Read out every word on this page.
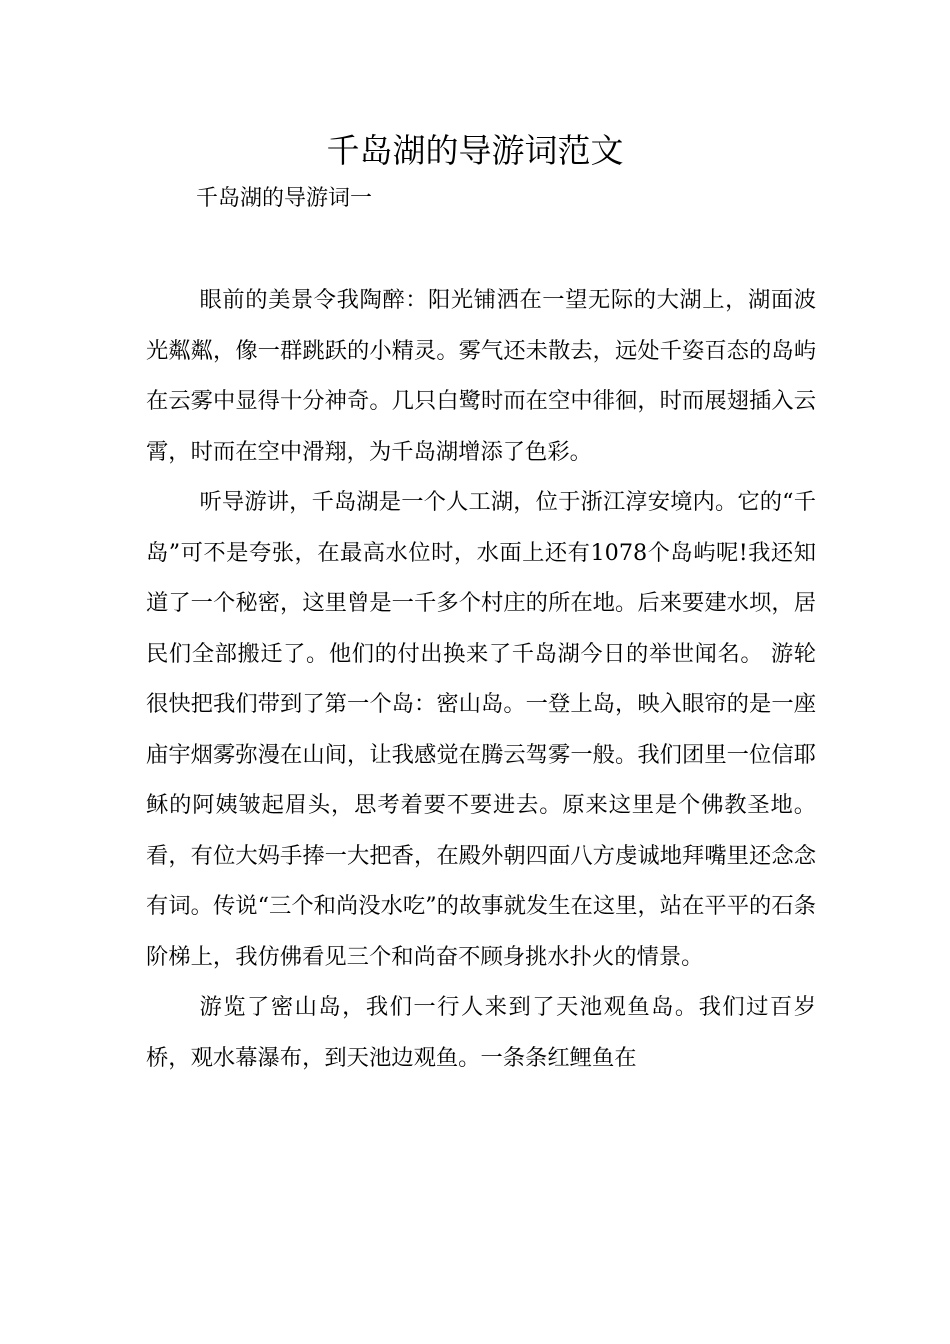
千岛湖的导游词范文

千岛湖的导游词一

眼前的美景令我陶醉：阳光铺洒在一望无际的大湖上，湖面波光粼粼，像一群跳跃的小精灵。雾气还未散去，远处千姿百态的岛屿在云雾中显得十分神奇。几只白鹭时而在空中徘徊，时而展翅插入云霄，时而在空中滑翔，为千岛湖增添了色彩。

听导游讲，千岛湖是一个人工湖，位于浙江淳安境内。它的“千岛”可不是夸张，在最高水位时，水面上还有1078个岛屿呢!我还知道了一个秘密，这里曾是一千多个村庄的所在地。后来要建水坝，居民们全部搬迁了。他们的付出换来了千岛湖今日的举世闻名。 游轮很快把我们带到了第一个岛：密山岛。一登上岛，映入眼帘的是一座庙宇烟雾弥漫在山间，让我感觉在腾云驾雾一般。我们团里一位信耶稣的阿姨皱起眉头，思考着要不要进去。原来这里是个佛教圣地。看，有位大妈手捧一大把香，在殿外朝四面八方虔诚地拜嘴里还念念有词。传说“三个和尚没水吃”的故事就发生在这里，站在平平的石条阶梯上，我仿佛看见三个和尚奋不顾身挑水扑火的情景。

游览了密山岛，我们一行人来到了天池观鱼岛。我们过百岁桥，观水幕瀑布，到天池边观鱼。一条条红鲤鱼在
